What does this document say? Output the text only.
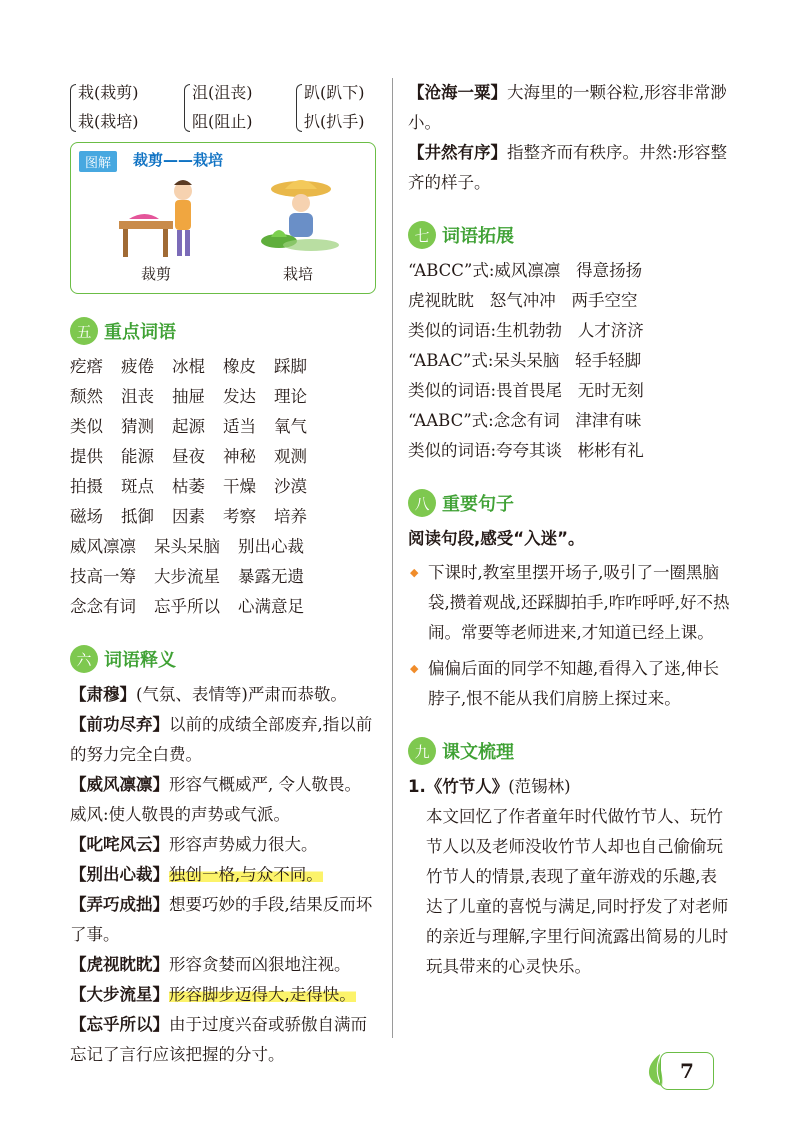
栽(栽剪)
栽(栽培)
沮(沮丧)
阻(阻止)
趴(趴下)
扒(扒手)
图解	裁剪——栽培
裁剪	栽培
五 重点词语
疙瘩 疲倦 冰棍 橡皮 踩脚
颓然 沮丧 抽屉 发达 理论
类似 猜测 起源 适当 氧气
提供 能源 昼夜 神秘 观测
拍摄 斑点 枯萎 干燥 沙漠
磁场 抵御 因素 考察 培养
威风凛凛 呆头呆脑 别出心裁
技高一筹 大步流星 暴露无遗
念念有词 忘乎所以 心满意足
六 词语释义
【肃穆】(气氛、表情等)严肃而恭敬。
【前功尽弃】以前的成绩全部废弃,指以前的努力完全白费。
【威风凛凛】形容气概威严, 令人敬畏。威风:使人敬畏的声势或气派。
【叱咤风云】形容声势威力很大。
【别出心裁】独创一格,与众不同。
【弄巧成拙】想要巧妙的手段,结果反而坏了事。
【虎视眈眈】形容贪婪而凶狠地注视。
【大步流星】形容脚步迈得大,走得快。
【忘乎所以】由于过度兴奋或骄傲自满而忘记了言行应该把握的分寸。
【沧海一粟】大海里的一颗谷粒,形容非常渺小。
【井然有序】指整齐而有秩序。井然:形容整齐的样子。
七 词语拓展
“ABCC”式:威风凛凛   得意扬扬
虎视眈眈   怒气冲冲   两手空空
类似的词语:生机勃勃   人才济济
“ABAC”式:呆头呆脑   轻手轻脚
类似的词语:畏首畏尾   无时无刻
“AABC”式:念念有词   津津有味
类似的词语:夸夸其谈   彬彬有礼
八 重要句子
阅读句段,感受“入迷”。
◆ 下课时,教室里摆开场子,吸引了一圈黑脑袋,攒着观战,还踩脚拍手,咋咋呼呼,好不热闹。常要等老师进来,才知道已经上课。
◆ 偏偏后面的同学不知趣,看得入了迷,伸长脖子,恨不能从我们肩膀上探过来。
九 课文梳理
1.《竹节人》(范锡林)
本文回忆了作者童年时代做竹节人、玩竹节人以及老师没收竹节人却也自己偷偷玩竹节人的情景,表现了童年游戏的乐趣,表达了儿童的喜悦与满足,同时抒发了对老师的亲近与理解,字里行间流露出简易的儿时玩具带来的心灵快乐。
7
